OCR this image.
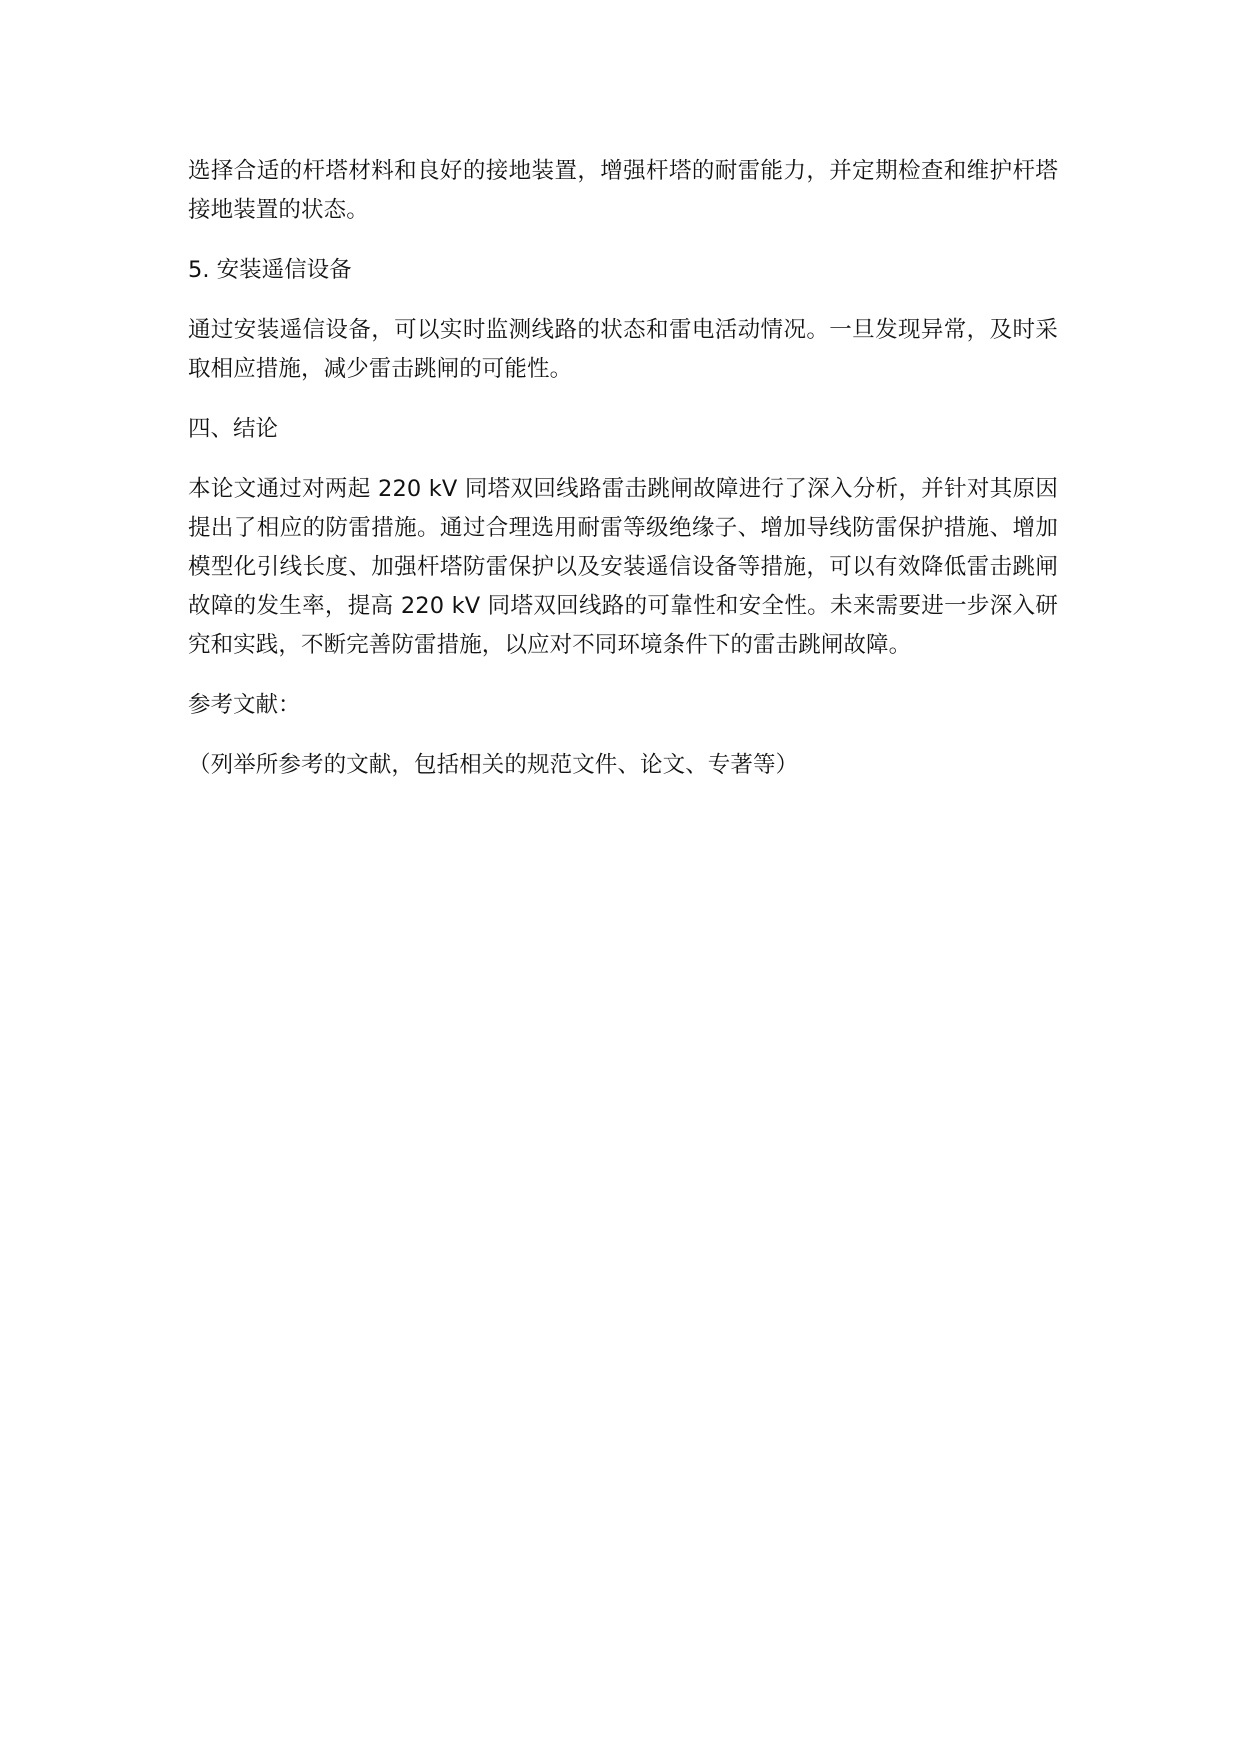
选择合适的杆塔材料和良好的接地装置，增强杆塔的耐雷能力，并定期检查和维护杆塔接地装置的状态。

5. 安装遥信设备

通过安装遥信设备，可以实时监测线路的状态和雷电活动情况。一旦发现异常，及时采取相应措施，减少雷击跳闸的可能性。

四、结论

本论文通过对两起 220 kV 同塔双回线路雷击跳闸故障进行了深入分析，并针对其原因提出了相应的防雷措施。通过合理选用耐雷等级绝缘子、增加导线防雷保护措施、增加模型化引线长度、加强杆塔防雷保护以及安装遥信设备等措施，可以有效降低雷击跳闸故障的发生率，提高 220 kV 同塔双回线路的可靠性和安全性。未来需要进一步深入研究和实践，不断完善防雷措施，以应对不同环境条件下的雷击跳闸故障。

参考文献：

（列举所参考的文献，包括相关的规范文件、论文、专著等）
